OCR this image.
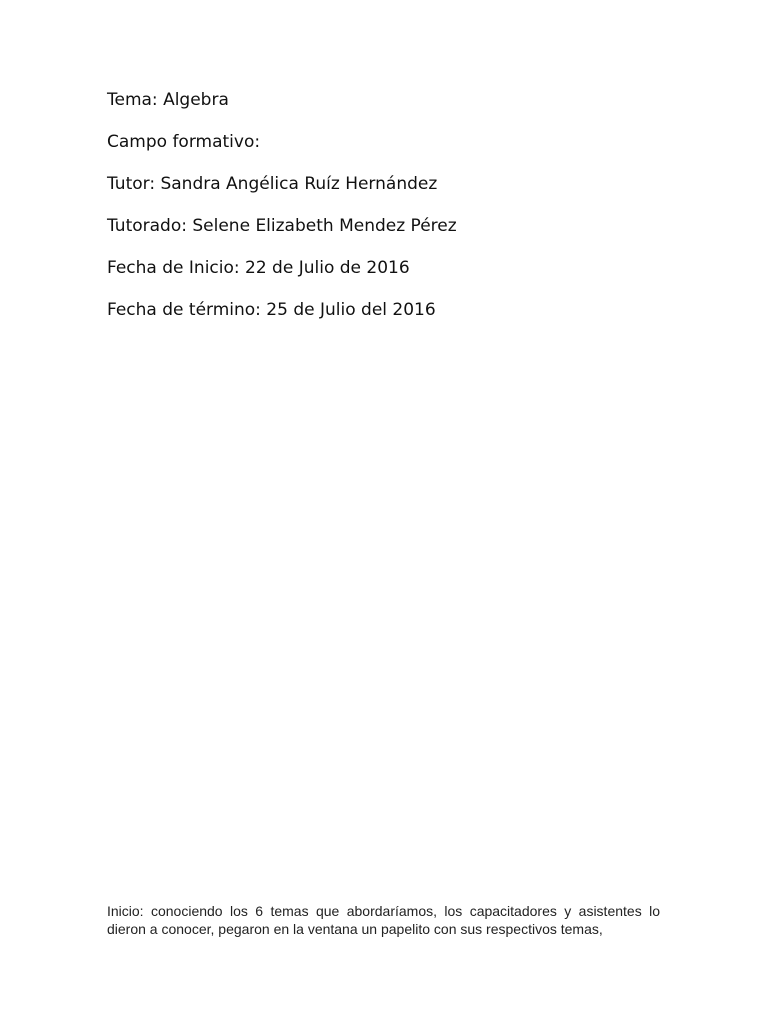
Tema: Algebra
Campo formativo:
Tutor: Sandra Angélica Ruíz Hernández
Tutorado: Selene Elizabeth Mendez Pérez
Fecha de Inicio: 22 de Julio de 2016
Fecha de término: 25 de Julio del 2016

Inicio: conociendo los 6 temas que abordaríamos, los capacitadores y asistentes lo dieron a conocer, pegaron en la ventana un papelito con sus respectivos temas,
